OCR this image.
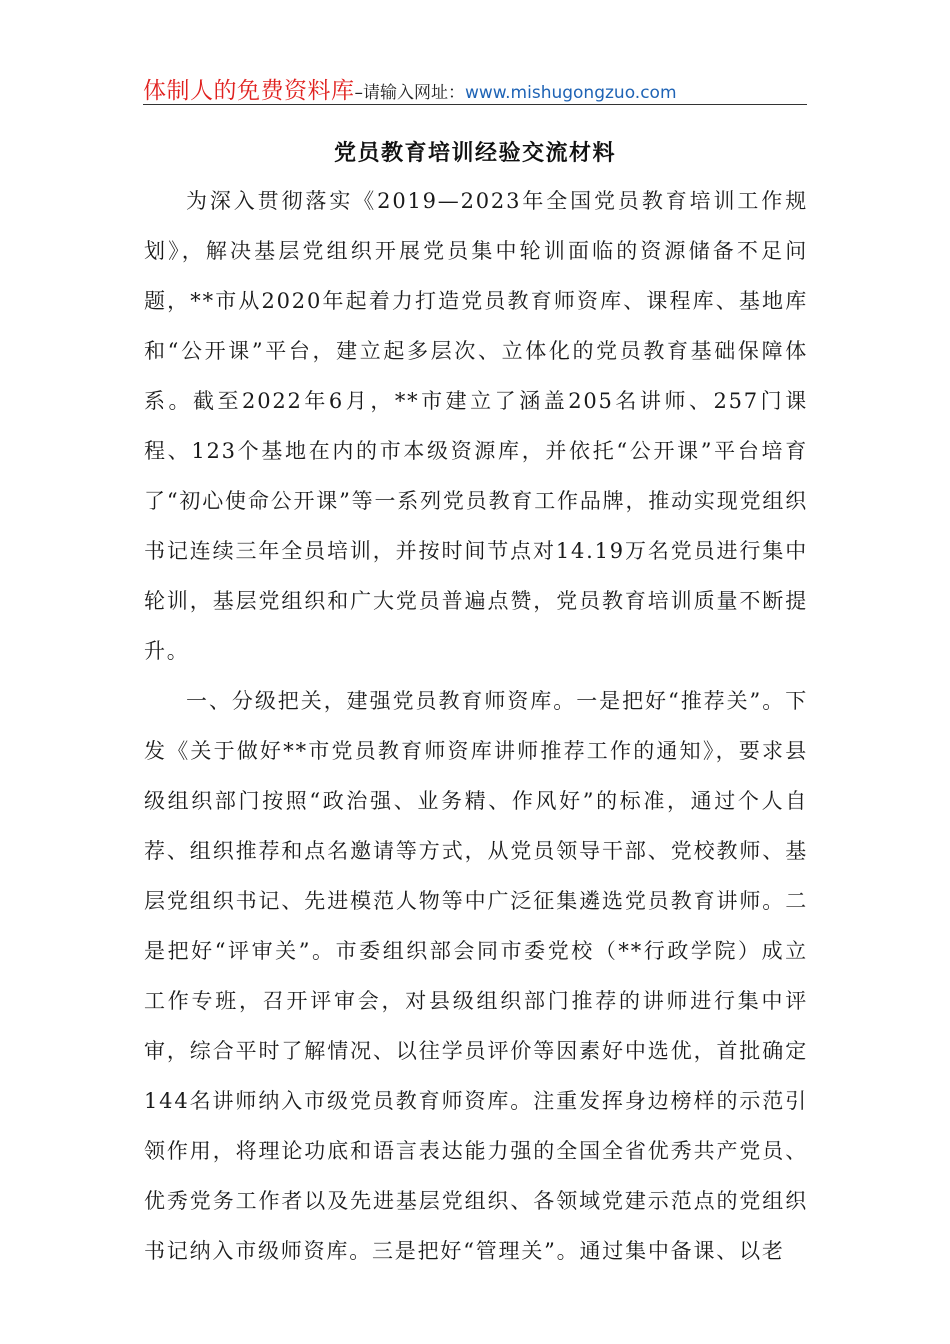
体制人的免费资料库–请输入网址：www.mishugongzuo.com
党员教育培训经验交流材料

为深入贯彻落实《2019—2023年全国党员教育培训工作规划》，解决基层党组织开展党员集中轮训面临的资源储备不足问题，**市从2020年起着力打造党员教育师资库、课程库、基地库和“公开课”平台，建立起多层次、立体化的党员教育基础保障体系。截至2022年6月，**市建立了涵盖205名讲师、257门课程、123个基地在内的市本级资源库，并依托“公开课”平台培育了“初心使命公开课”等一系列党员教育工作品牌，推动实现党组织书记连续三年全员培训，并按时间节点对14.19万名党员进行集中轮训，基层党组织和广大党员普遍点赞，党员教育培训质量不断提升。

一、分级把关，建强党员教育师资库。一是把好“推荐关”。下发《关于做好**市党员教育师资库讲师推荐工作的通知》，要求县级组织部门按照“政治强、业务精、作风好”的标准，通过个人自荐、组织推荐和点名邀请等方式，从党员领导干部、党校教师、基层党组织书记、先进模范人物等中广泛征集遴选党员教育讲师。二是把好“评审关”。市委组织部会同市委党校（**行政学院）成立工作专班，召开评审会，对县级组织部门推荐的讲师进行集中评审，综合平时了解情况、以往学员评价等因素好中选优，首批确定144名讲师纳入市级党员教育师资库。注重发挥身边榜样的示范引领作用，将理论功底和语言表达能力强的全国全省优秀共产党员、优秀党务工作者以及先进基层党组织、各领域党建示范点的党组织书记纳入市级师资库。三是把好“管理关”。通过集中备课、以老
